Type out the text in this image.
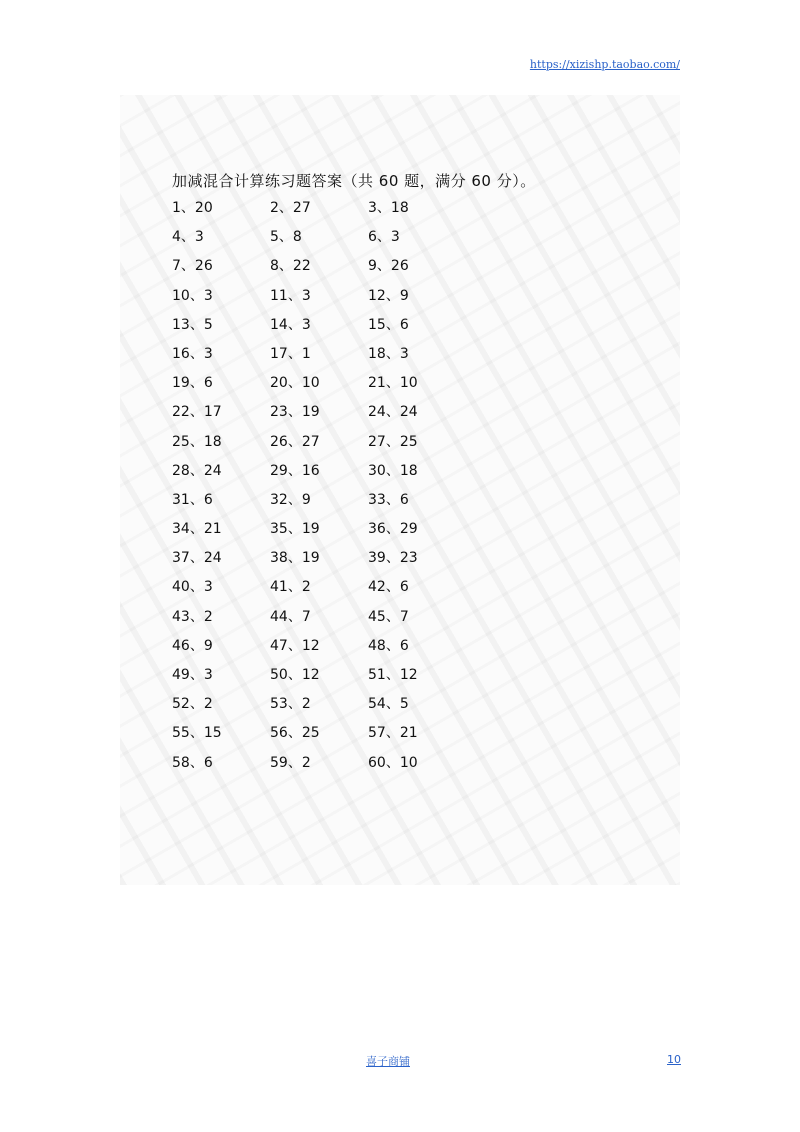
https://xizishp.taobao.com/
加减混合计算练习题答案（共 60 题，满分 60 分）。
1、20	2、27	3、18
4、3	5、8	6、3
7、26	8、22	9、26
10、3	11、3	12、9
13、5	14、3	15、6
16、3	17、1	18、3
19、6	20、10	21、10
22、17	23、19	24、24
25、18	26、27	27、25
28、24	29、16	30、18
31、6	32、9	33、6
34、21	35、19	36、29
37、24	38、19	39、23
40、3	41、2	42、6
43、2	44、7	45、7
46、9	47、12	48、6
49、3	50、12	51、12
52、2	53、2	54、5
55、15	56、25	57、21
58、6	59、2	60、10
喜子商铺	10
